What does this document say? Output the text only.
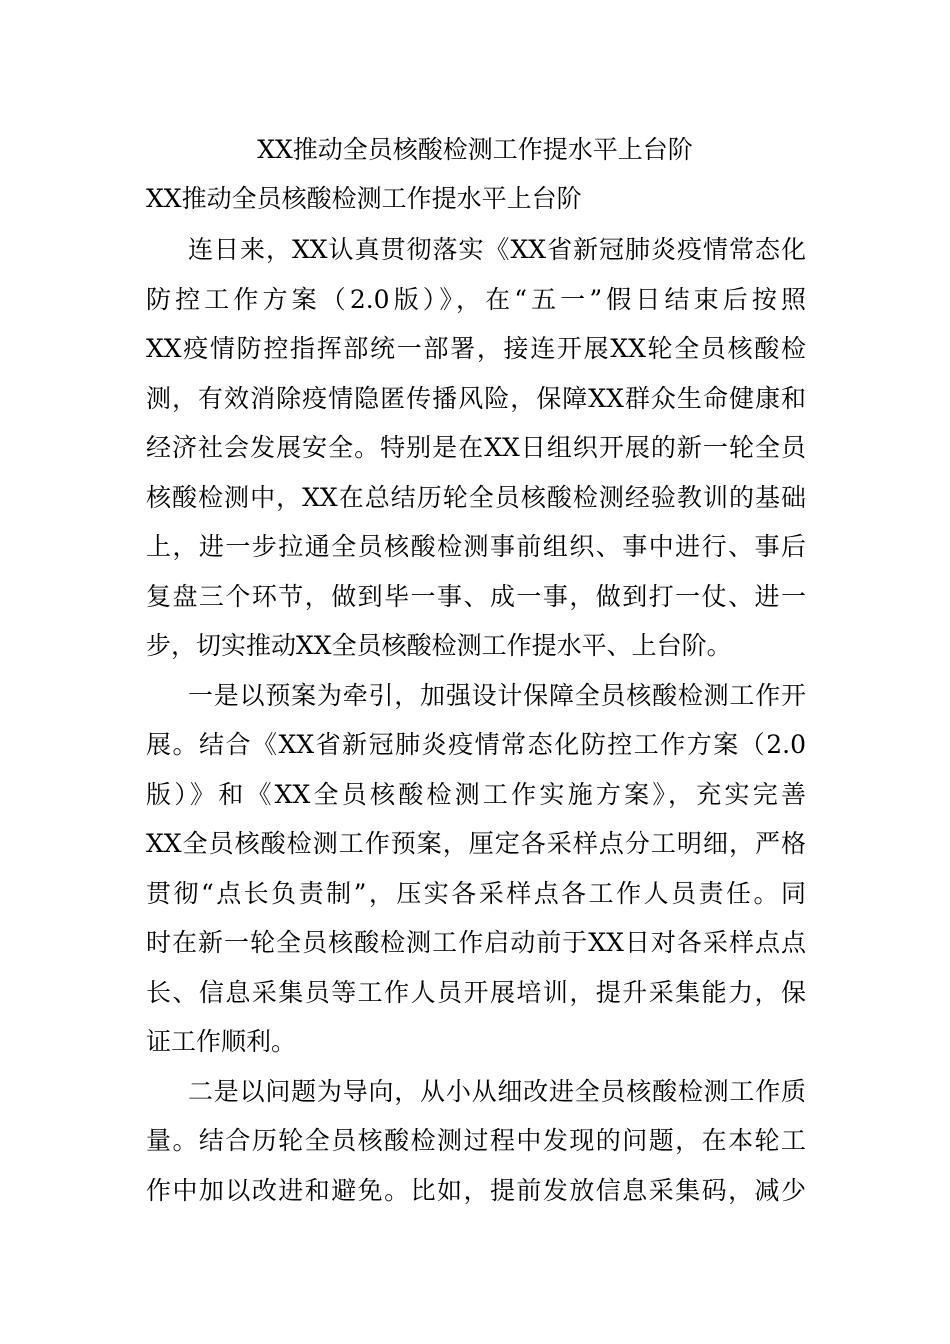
XX推动全员核酸检测工作提水平上台阶
XX推动全员核酸检测工作提水平上台阶
连日来，XX认真贯彻落实《XX省新冠肺炎疫情常态化
防控工作方案（2.0版）》，在“五一”假日结束后按照
XX疫情防控指挥部统一部署，接连开展XX轮全员核酸检
测，有效消除疫情隐匿传播风险，保障XX群众生命健康和
经济社会发展安全。特别是在XX日组织开展的新一轮全员
核酸检测中，XX在总结历轮全员核酸检测经验教训的基础
上，进一步拉通全员核酸检测事前组织、事中进行、事后
复盘三个环节，做到毕一事、成一事，做到打一仗、进一
步，切实推动XX全员核酸检测工作提水平、上台阶。
一是以预案为牵引，加强设计保障全员核酸检测工作开
展。结合《XX省新冠肺炎疫情常态化防控工作方案（2.0
版）》和《XX全员核酸检测工作实施方案》，充实完善
XX全员核酸检测工作预案，厘定各采样点分工明细，严格
贯彻“点长负责制”，压实各采样点各工作人员责任。同
时在新一轮全员核酸检测工作启动前于XX日对各采样点点
长、信息采集员等工作人员开展培训，提升采集能力，保
证工作顺利。
二是以问题为导向，从小从细改进全员核酸检测工作质
量。结合历轮全员核酸检测过程中发现的问题，在本轮工
作中加以改进和避免。比如，提前发放信息采集码，减少
